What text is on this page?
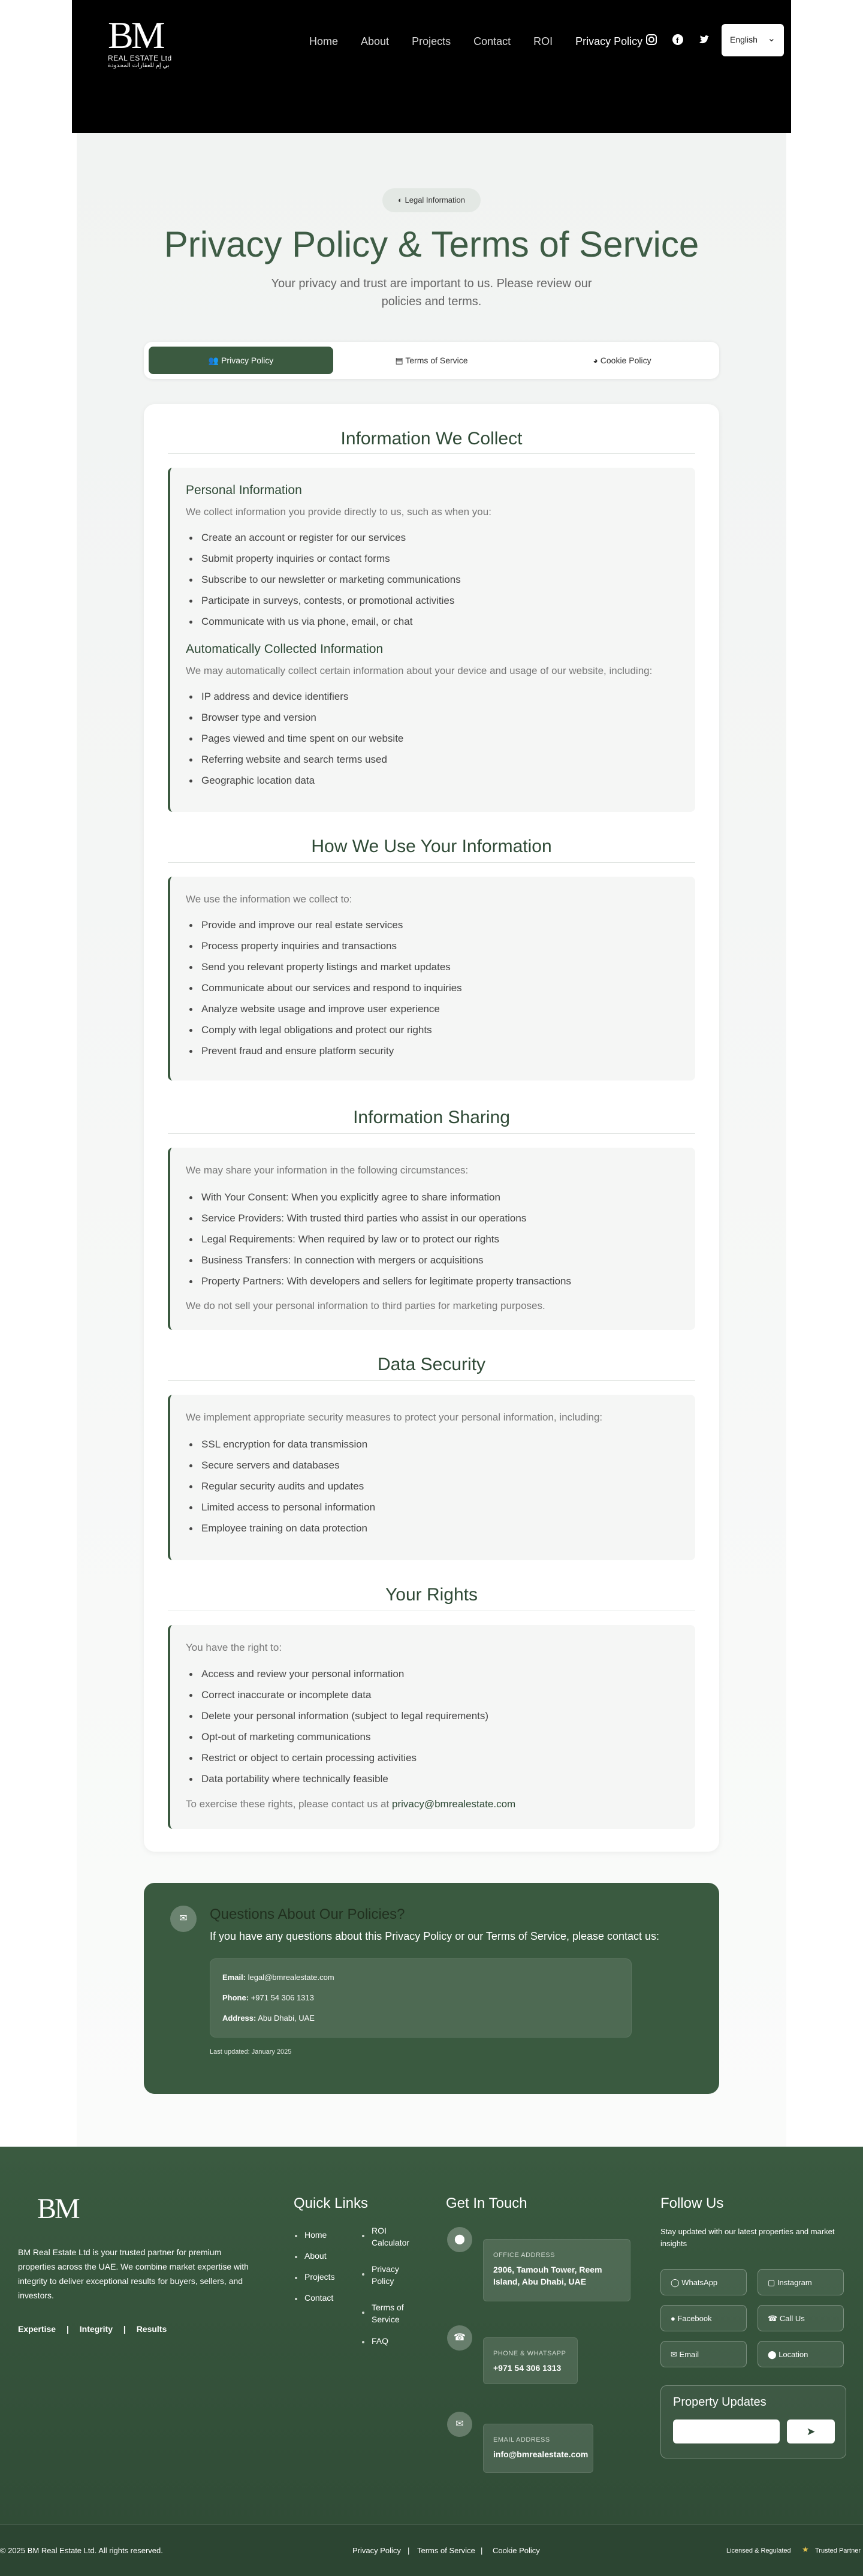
BM
REAL ESTATE Ltd
بي إم للعقارات المحدودة
Home About Projects Contact ROI Privacy Policy	f	English ⌄
◐ Legal Information
Privacy Policy & Terms of Service
Your privacy and trust are important to us. Please review our policies and terms.
👥 Privacy Policy	▤ Terms of Service	◕ Cookie Policy
Information We Collect
Personal Information
We collect information you provide directly to us, such as when you:
Create an account or register for our services
Submit property inquiries or contact forms
Subscribe to our newsletter or marketing communications
Participate in surveys, contests, or promotional activities
Communicate with us via phone, email, or chat
Automatically Collected Information
We may automatically collect certain information about your device and usage of our website, including:
IP address and device identifiers
Browser type and version
Pages viewed and time spent on our website
Referring website and search terms used
Geographic location data
How We Use Your Information
We use the information we collect to:
Provide and improve our real estate services
Process property inquiries and transactions
Send you relevant property listings and market updates
Communicate about our services and respond to inquiries
Analyze website usage and improve user experience
Comply with legal obligations and protect our rights
Prevent fraud and ensure platform security
Information Sharing
We may share your information in the following circumstances:
With Your Consent: When you explicitly agree to share information
Service Providers: With trusted third parties who assist in our operations
Legal Requirements: When required by law or to protect our rights
Business Transfers: In connection with mergers or acquisitions
Property Partners: With developers and sellers for legitimate property transactions
We do not sell your personal information to third parties for marketing purposes.
Data Security
We implement appropriate security measures to protect your personal information, including:
SSL encryption for data transmission
Secure servers and databases
Regular security audits and updates
Limited access to personal information
Employee training on data protection
Your Rights
You have the right to:
Access and review your personal information
Correct inaccurate or incomplete data
Delete your personal information (subject to legal requirements)
Opt-out of marketing communications
Restrict or object to certain processing activities
Data portability where technically feasible
To exercise these rights, please contact us at privacy@bmrealestate.com
✉	Questions About Our Policies?
If you have any questions about this Privacy Policy or our Terms of Service, please contact us:
Email: legal@bmrealestate.com
Phone: +971 54 306 1313
Address: Abu Dhabi, UAE
Last updated: January 2025
BM
BM Real Estate Ltd is your trusted partner for premium properties across the UAE. We combine market expertise with integrity to deliver exceptional results for buyers, sellers, and investors.
Expertise | Integrity | Results
Quick Links
Home
About
Projects
Contact
ROI Calculator
Privacy Policy
Terms of Service
FAQ
Get In Touch
⬤
OFFICE ADDRESS
2906, Tamouh Tower, Reem Island, Abu Dhabi, UAE
☎
PHONE & WHATSAPP
+971 54 306 1313
✉
EMAIL ADDRESS
info@bmrealestate.com
Follow Us
Stay updated with our latest properties and market insights
◯ WhatsApp	▢ Instagram
● Facebook	☎ Call Us
✉ Email	⬤ Location
Property Updates
➤
© 2025 BM Real Estate Ltd. All rights reserved.	Privacy Policy | Terms of Service | Cookie Policy	Licensed & Regulated ★ Trusted Partner
